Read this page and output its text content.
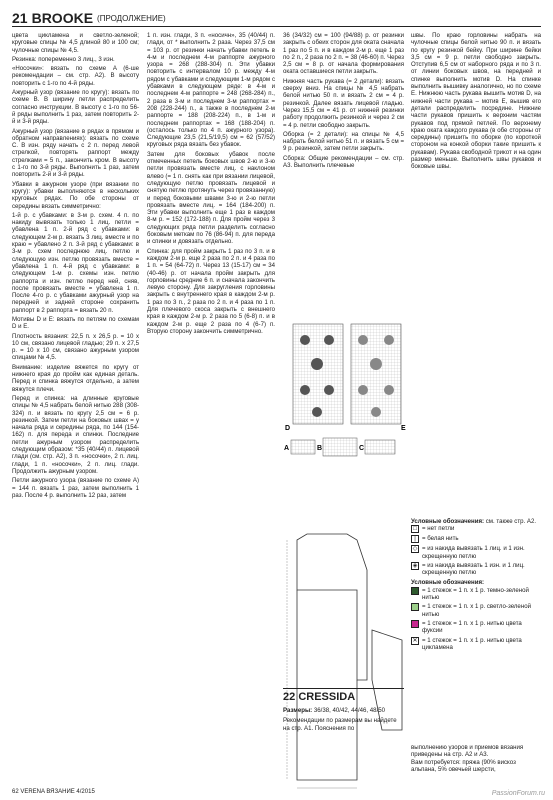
21 BROOKE (ПРОДОЛЖЕНИЕ)

цвета цикламена и светло-зеленой; круговые спицы № 4,5 длиной 80 и 100 см; чулочные спицы № 4,5.

Резинка: попеременно 3 лиц., 3 изн.

«Носочки»: вязать по схеме A (6-ше рекомендации – см. стр. A2). В высоту повторить с 1-го по 4-й ряды.

Ажурный узор (вязание по кругу): вязать по схеме B. В ширину петли распределить согласно инструкции. В высоту с 1-го по 56-й ряды выполнить 1 раз, затем повторить 2-й и 3-й ряды.

Ажурный узор (вязание в рядах в прямом и обратном направлениях): вязать по схеме С. В изн. ряду начать с 2 п. перед левой стрелкой, повторять раппорт между стрелками = 5 п., закончить кром. В высоту с 1-го по 3-й ряды. Выполнить 1 раз, затем повторить 2-й и 3-й ряды.

Убавки в ажурном узоре (при вязании по кругу): убавки выполняются в нескольких круговых рядах. По обе стороны от середины вязать симметрично:

1-й р. с убавками: в 3-м р. схем. 4 п. по накиду вывязать только 1 лиц. петли = убавлена 1 п. 2-й ряд с убавками: в следующем 2-м р. вязать 3 лиц. вместе и по краю = убавлено 2 п. 3-й ряд с убавками: в 3-м р. схем последнюю лиц. петлю и следующую изн. петлю провязать вместе = убавлена 1 п. 4-й ряд с убавками: в следующем 1-м р. схемы изн. петлю раппорта и изн. петлю перед ней, сняв, после провязать вместе = убавлена 1 п. После 4-го р. с убавками ажурный узор на передней и задней стороне сохранить раппорт в 2 раппорта = вязать 20 п.

Мотивы D и E: вязать по петлям по схемам D и E.

Плотность вязания: 22,5 п. x 26,5 р. = 10 x 10 см, связано лицевой гладью; 29 п. x 27,5 р. = 10 x 10 см, связано ажурным узором спицами № 4,5.

Внимание: изделие вяжется по кругу от нижнего края до пройм как единая деталь. Перед и спинка вяжутся отдельно, а затем вяжутся плечи.

Перед и спинка: на длинные круговые спицы № 4,5 набрать белой нитью 288 (308-324) п. и вязать по кругу 2,5 см = 6 р. резинкой. Затем петли на боковых швах = у начала ряда и середины ряда, по 144 (154-162) п. для переда и спинки. Последние петли ажурным узором распределить следующим образом: *35 (40/44) п. лицевой глади (см. стр. A2), 3 п. «носочки», 2 п. лиц. глади, 1 п. «носочки», 2 п. лиц. глади. Продолжить ажурным узором.

Петли ажурного узора (вязание по схеме A) = 144 п. вязать 1 раз, затем выполнить 1 раз. После 4 р. выполнить 12 раз, затем

1 п. изн. глади, 3 п. «носичн», 35 (40/44) п. глади, от * выполнить 2 раза. Через 37,5 см = 103 р. от резинки начать убавки петель в 4-м и последнем 4-м раппорте ажурного узора = 268 (288-304) п. Эти убавки повторить с интервалом 10 р. между 4-м рядом с убавками и следующим 1-м рядом с убавками в следующем ряде: в 4-м и последнем 4-м раппорте = 248 (268-284) п., 2 раза в 3-м и последнем 3-м раппортах = 208 (228-244) п., а также в последнем 2-м раппорте = 188 (208-224) п., в 1-м и последнем раппортах = 168 (188-204) п. (осталось только по 4 п. ажурного узора). Следующие 23,5 (21,5/19,5) см = 62 (57/52) круговых ряда вязать без убавок.

Затем для боковых убавок после отмеченных петель боковых швов 2-ю и 3-ю петли провязать вместе лиц. с наклоном влево (= 1 п. снять как при вязании лицевой, следующую петлю провязать лицевой и снятую петлю протянуть через провязанную) и перед боковыми швами 3-ю и 2-ю петли провязать вместе лиц. = 164 (184-200) п. Эти убавки выполнить еще 1 раз в каждом 8-м р. = 152 (172-188) п. Для пройм через 3 следующих ряда петли разделить согласно боковым меткам по 76 (86-94) п. для переда и спинки и довязать отдельно.

Спинка: для пройм закрыть 1 раз по 3 п. и в каждом 2-м р. еще 2 раза по 2 п. и 4 раза по 1 п. = 54 (64-72) п. Через 13 (15-17) см = 34 (40-46) р. от начала пройм закрыть для горловины средние 6 п. и сначала закончить левую сторону. Для закругления горловины закрыть с внутреннего края в каждом 2-м р. 1 раз по 3 п., 2 раза по 2 п. и 4 раза по 1 п. Для плечевого скоса закрыть с внешнего края в каждом 2-м р. 2 раза по 5 (6-8) п. и в каждом 2-м р. еще 2 раза по 4 (6-7) п. Вторую сторону закончить симметрично.

36 (34/32) см = 100 (94/88) р. от резинки закрыть с обеих сторон для оката сначала 1 раз по 5 п. и в каждом 2-м р. еще 1 раз по 2 п., 2 раза по 2 п. = 38 (46-60) п. Через 2,5 см = 8 р. от начала формирования оката оставшиеся петли закрыть.

Нижняя часть рукава (= 2 детали): вязать сверху вниз. На спицы № 4,5 набрать белой нитью 50 п. и вязать 2 см = 4 р. резинкой. Далее вязать лицевой гладью. Через 15,5 см = 41 р. от нижней резинки работу продолжить резинкой и через 2 см = 4 р. петли свободно закрыть.

Оборка (= 2 детали): на спицы № 4,5 набрать белой нитью 51 п. и вязать 5 см = 9 р. резинкой, затем петли закрыть.

Сборка: Общие рекомендации – см. стр. A3. Выполнить плечевые

швы. По краю горловины набрать на чулочные спицы белой нитью 90 п. и вязать по кругу резинкой бейку. При ширине бейки 3,5 см = 9 р. петли свободно закрыть. Отступив 6,5 см от наборного ряда и по 3 п. от линии боковых швов, на передней и спинке выполнить мотив D. На спинке выполнить вышивку аналогично, но по схеме E. Нижнюю часть рукава вышить мотив D, на нижней части рукава – мотив E, вышив его детали распределить посредине. Нижние части рукавов пришить к верхним частям рукавов под прямой петлей. По верхнему краю оката каждого рукава (в обе стороны от середины) пришить по оборке (по короткой стороном на конкой оборки такие пришить к рукавам). Рукава свободной трикот и на один размер меньше. Выполнить швы рукавов и боковые швы.

D	E
A	B	C
Условные обозначения: см. также стр. A2.
□ = нет петли
|	= белая нить
◇ = из накида вывязать 1 лиц. и 1 изн. скрещенную петлю
◈ = из накида вывязать 1 изн. и 1 лиц. скрещенную петлю
Условные обозначения:
= 1 стежок = 1 п. x 1 р. темно-зеленой нитью
= 1 стежок = 1 п. x 1 р. светло-зеленой нитью
= 1 стежок = 1 п. x 1 р. нитью цвета фуксии
✕ = 1 стежок = 1 п. x 1 р. нитью цвета цикламена
22 CRESSIDA

Размеры: 36/38, 40/42, 44/46, 48/50

Рекомендации по размерам вы найдете на стр. A1. Пояснения по

выполнению узоров и приемов вязания приведены на стр. A2 и A3.

Вам потребуется: пряжа (90% вискоз альпана, 5% овечьей шерсти,

62 VERENA ВЯЗАНИЕ 4/2015	PassionForum.ru
